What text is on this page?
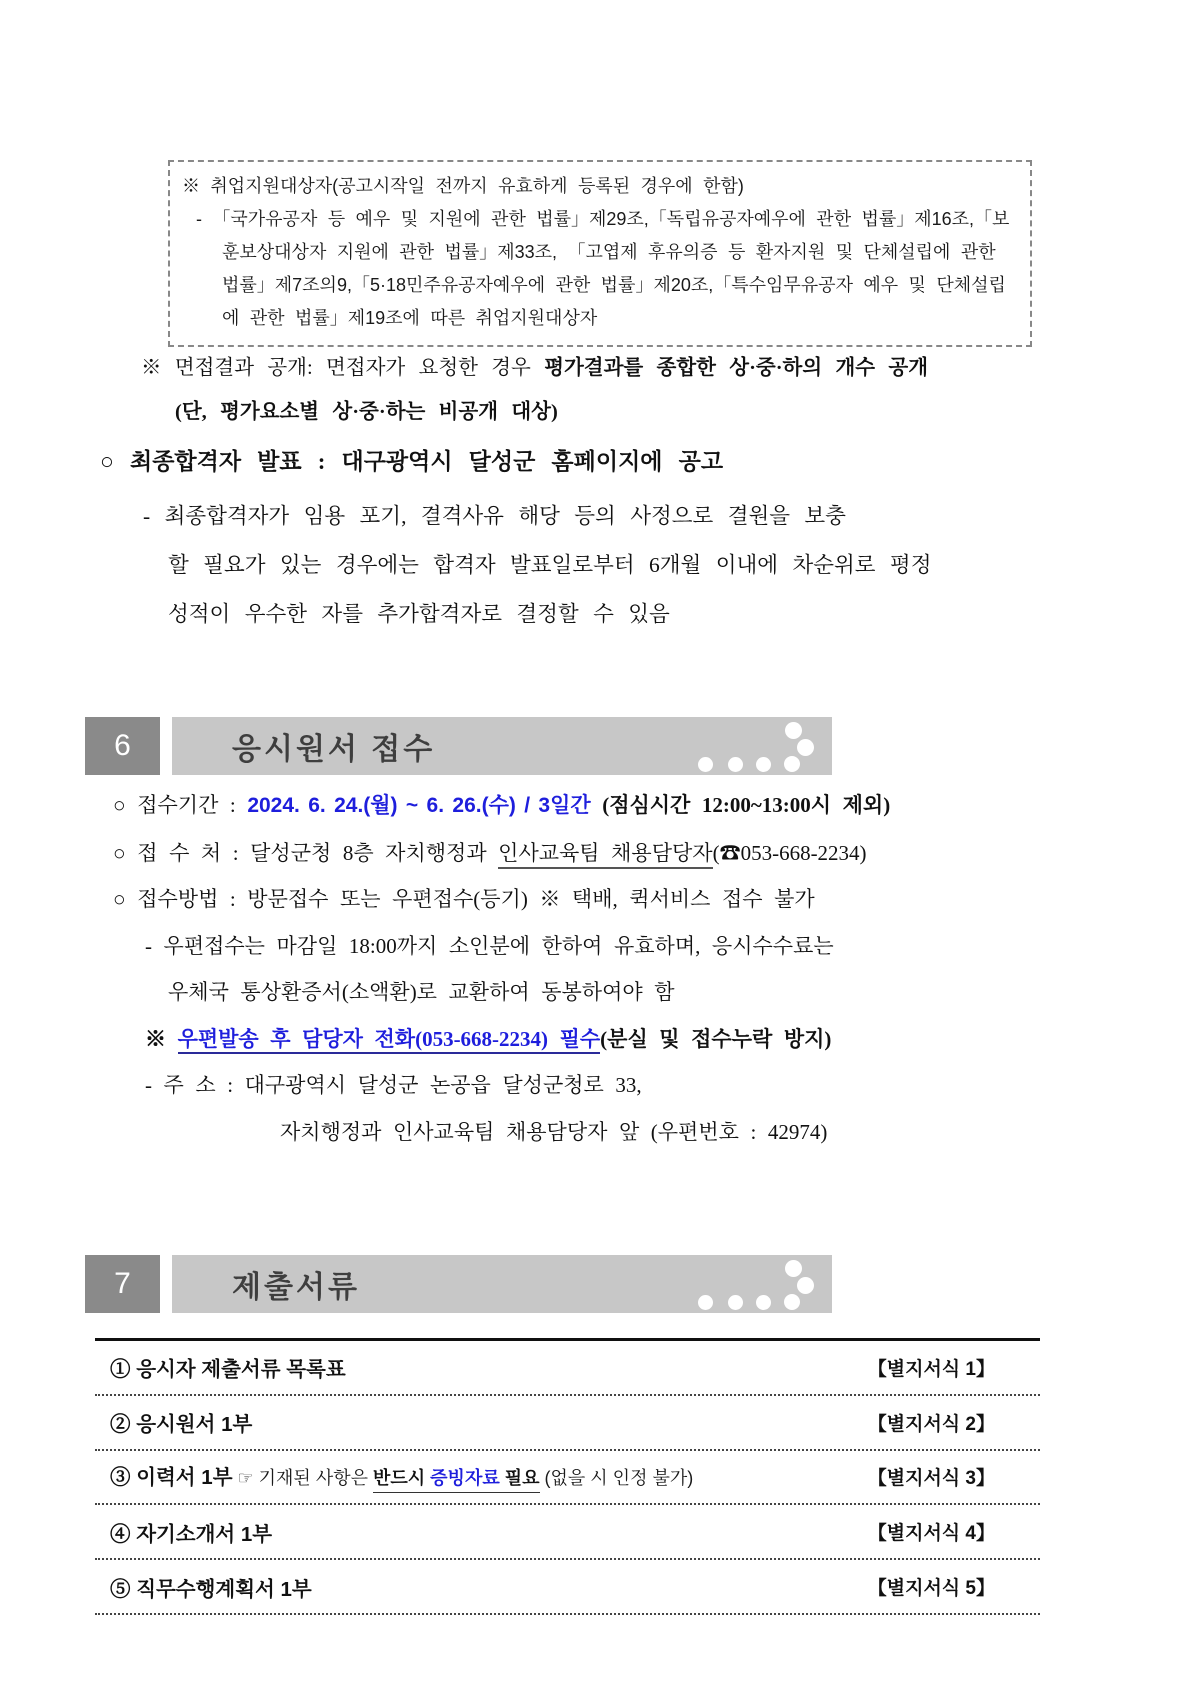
※ 취업지원대상자(공고시작일 전까지 유효하게 등록된 경우에 한함)
- 「국가유공자 등 예우 및 지원에 관한 법률」제29조,「독립유공자예우에 관한 법률」제16조,「보
훈보상대상자 지원에 관한 법률」제33조, 「고엽제 후유의증 등 환자지원 및 단체설립에 관한
법률」제7조의9,「5·18민주유공자예우에 관한 법률」제20조,「특수임무유공자 예우 및 단체설립
에 관한 법률」제19조에 따른 취업지원대상자
※ 면접결과 공개: 면접자가 요청한 경우 평가결과를 종합한 상·중·하의 개수 공개
(단, 평가요소별 상·중·하는 비공개 대상)
○ 최종합격자 발표 : 대구광역시 달성군 홈페이지에 공고
- 최종합격자가 임용 포기, 결격사유 해당 등의 사정으로 결원을 보충
할 필요가 있는 경우에는 합격자 발표일로부터 6개월 이내에 차순위로 평정
성적이 우수한 자를 추가합격자로 결정할 수 있음
6	응시원서 접수
○ 접수기간 : 2024. 6. 24.(월) ~ 6. 26.(수) / 3일간 (점심시간 12:00~13:00시 제외)
○ 접 수 처 : 달성군청 8층 자치행정과 인사교육팀 채용담당자(☎053-668-2234)
○ 접수방법 : 방문접수 또는 우편접수(등기) ※ 택배, 퀵서비스 접수 불가
- 우편접수는 마감일 18:00까지 소인분에 한하여 유효하며, 응시수수료는
우체국 통상환증서(소액환)로 교환하여 동봉하여야 함
※ 우편발송 후 담당자 전화(053-668-2234) 필수(분실 및 접수누락 방지)
- 주 소 : 대구광역시 달성군 논공읍 달성군청로 33,
자치행정과 인사교육팀 채용담당자 앞 (우편번호 : 42974)
7	제출서류
① 응시자 제출서류 목록표	【별지서식 1】
② 응시원서 1부	【별지서식 2】
③ 이력서 1부 ☞ 기재된 사항은 반드시 증빙자료 필요 (없을 시 인정 불가)	【별지서식 3】
④ 자기소개서 1부	【별지서식 4】
⑤ 직무수행계획서 1부	【별지서식 5】
